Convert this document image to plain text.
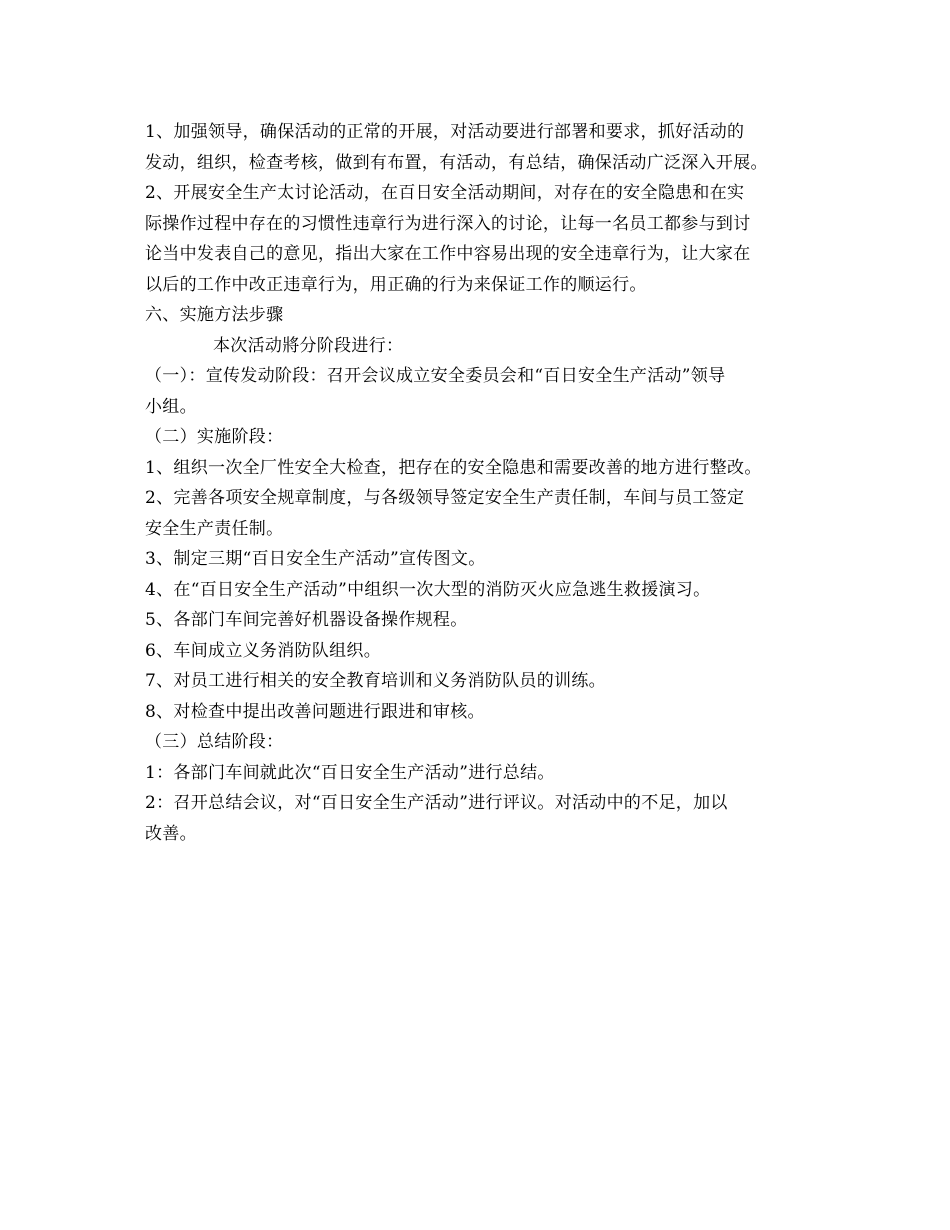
1、加强领导，确保活动的正常的开展，对活动要进行部署和要求，抓好活动的
发动，组织，检查考核，做到有布置，有活动，有总结，确保活动广泛深入开展。
2、开展安全生产太讨论活动，在百日安全活动期间，对存在的安全隐患和在实
际操作过程中存在的习惯性违章行为进行深入的讨论，让每一名员工都参与到讨
论当中发表自己的意见，指出大家在工作中容易出现的安全违章行为，让大家在
以后的工作中改正违章行为，用正确的行为来保证工作的顺运行。
六、实施方法步骤
本次活动將分阶段进行：
（一）：宣传发动阶段：召开会议成立安全委员会和“百日安全生产活动”领导
小组。
（二）实施阶段：
1、组织一次全厂性安全大检查，把存在的安全隐患和需要改善的地方进行整改。
2、完善各项安全规章制度，与各级领导签定安全生产责任制，车间与员工签定
安全生产责任制。
3、制定三期“百日安全生产活动”宣传图文。
4、在“百日安全生产活动”中组织一次大型的消防灭火应急逃生救援演习。
5、各部门车间完善好机器设备操作规程。
6、车间成立义务消防队组织。
7、对员工进行相关的安全教育培训和义务消防队员的训练。
8、对检查中提出改善问题进行跟进和审核。
（三）总结阶段：
1：各部门车间就此次“百日安全生产活动”进行总结。
2：召开总结会议，对“百日安全生产活动”进行评议。对活动中的不足，加以
改善。
